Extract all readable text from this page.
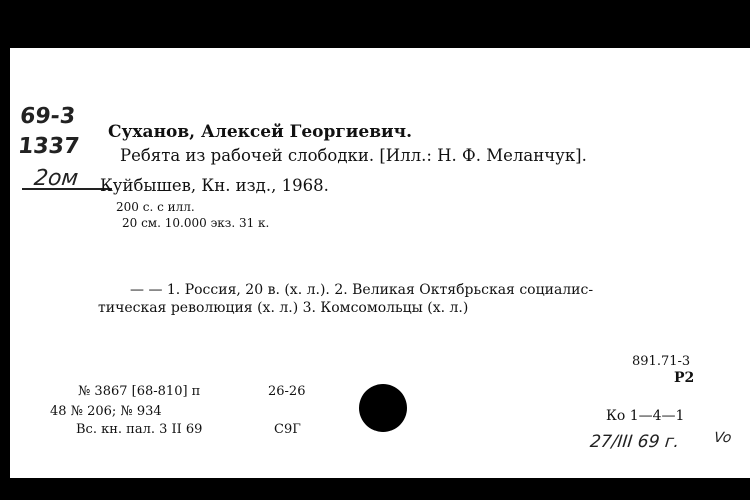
69-3
1337
2ом
Суханов, Алексей Георгиевич.
Ребята из рабочей слободки. [Илл.: Н. Ф. Меланчук].
Куйбышев, Кн. изд., 1968.
200 с. с илл.
20 см. 10.000 экз. 31 к.
— — 1. Россия, 20 в. (х. л.). 2. Великая Октябрьская социалис-
тическая революция (х. л.) 3. Комсомольцы (х. л.)
891.71-3
Р2
№ 3867 [68-810] п	26-26
48 № 206; № 934
Вс. кн. пал. 3 II 69	С9Г
Ко 1—4—1
27/III 69 г. Vo
